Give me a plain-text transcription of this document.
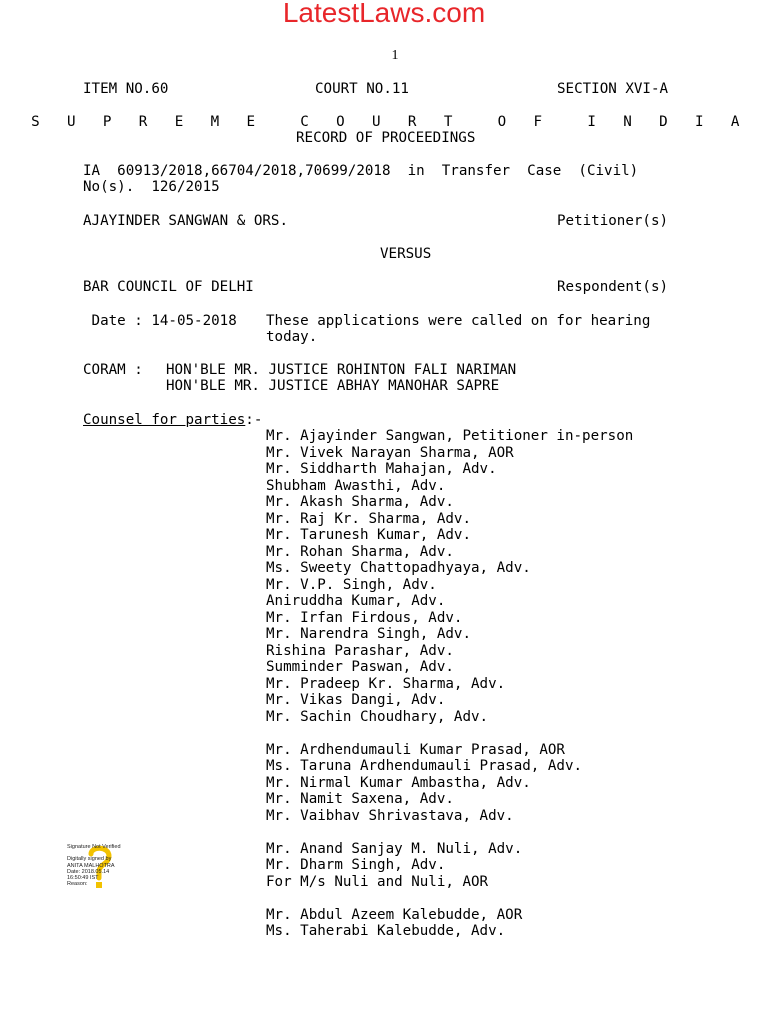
LatestLaws.com
1
ITEM NO.60	COURT NO.11	SECTION XVI-A
S U P R E M E  C O U R T  O F  I N D I A
RECORD OF PROCEEDINGS
IA  60913/2018,66704/2018,70699/2018  in  Transfer  Case  (Civil)
No(s).  126/2015
AJAYINDER SANGWAN & ORS.	Petitioner(s)
VERSUS
BAR COUNCIL OF DELHI	Respondent(s)
Date : 14-05-2018 These applications were called on for hearing
today.
CORAM : HON'BLE MR. JUSTICE ROHINTON FALI NARIMAN
HON'BLE MR. JUSTICE ABHAY MANOHAR SAPRE
Counsel for parties:-
Mr. Ajayinder Sangwan, Petitioner in-person
Mr. Vivek Narayan Sharma, AOR
Mr. Siddharth Mahajan, Adv.
Shubham Awasthi, Adv.
Mr. Akash Sharma, Adv.
Mr. Raj Kr. Sharma, Adv.
Mr. Tarunesh Kumar, Adv.
Mr. Rohan Sharma, Adv.
Ms. Sweety Chattopadhyaya, Adv.
Mr. V.P. Singh, Adv.
Aniruddha Kumar, Adv.
Mr. Irfan Firdous, Adv.
Mr. Narendra Singh, Adv.
Rishina Parashar, Adv.
Summinder Paswan, Adv.
Mr. Pradeep Kr. Sharma, Adv.
Mr. Vikas Dangi, Adv.
Mr. Sachin Choudhary, Adv.
Mr. Ardhendumauli Kumar Prasad, AOR
Ms. Taruna Ardhendumauli Prasad, Adv.
Mr. Nirmal Kumar Ambastha, Adv.
Mr. Namit Saxena, Adv.
Mr. Vaibhav Shrivastava, Adv.
Mr. Anand Sanjay M. Nuli, Adv.
Mr. Dharm Singh, Adv.
For M/s Nuli and Nuli, AOR
Mr. Abdul Azeem Kalebudde, AOR
Ms. Taherabi Kalebudde, Adv.
Signature Not Verified

Digitally signed by
ANITA MALHOTRA
Date: 2018.05.14
16:50:49 IST
Reason:
